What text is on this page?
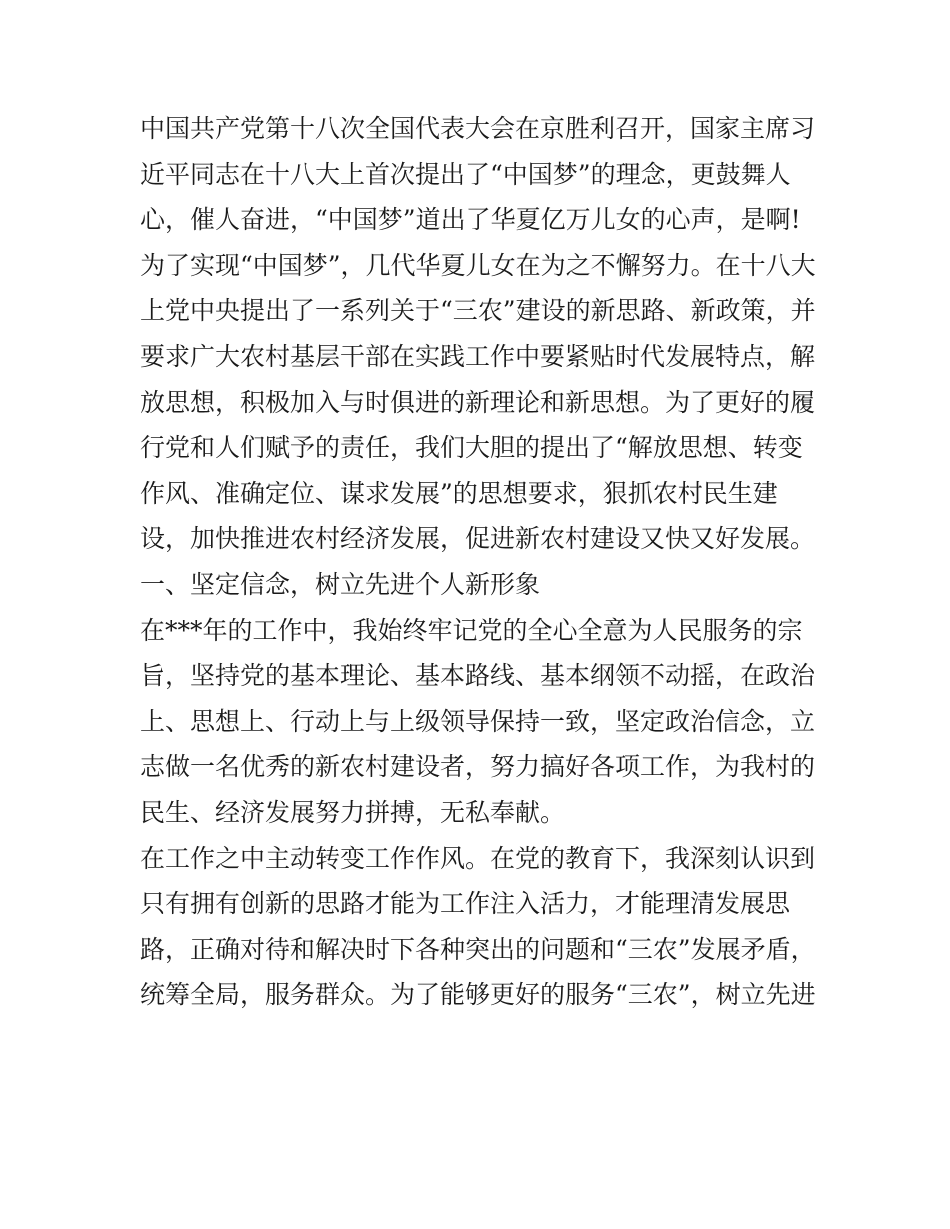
中国共产党第十八次全国代表大会在京胜利召开，国家主席习
近平同志在十八大上首次提出了“中国梦”的理念，更鼓舞人
心，催人奋进，“中国梦”道出了华夏亿万儿女的心声，是啊!
为了实现“中国梦”，几代华夏儿女在为之不懈努力。在十八大
上党中央提出了一系列关于“三农”建设的新思路、新政策，并
要求广大农村基层干部在实践工作中要紧贴时代发展特点，解
放思想，积极加入与时俱进的新理论和新思想。为了更好的履
行党和人们赋予的责任，我们大胆的提出了“解放思想、转变
作风、准确定位、谋求发展”的思想要求，狠抓农村民生建
设，加快推进农村经济发展，促进新农村建设又快又好发展。
一、坚定信念，树立先进个人新形象
在***年的工作中，我始终牢记党的全心全意为人民服务的宗
旨，坚持党的基本理论、基本路线、基本纲领不动摇，在政治
上、思想上、行动上与上级领导保持一致，坚定政治信念，立
志做一名优秀的新农村建设者，努力搞好各项工作，为我村的
民生、经济发展努力拼搏，无私奉献。
在工作之中主动转变工作作风。在党的教育下，我深刻认识到
只有拥有创新的思路才能为工作注入活力，才能理清发展思
路，正确对待和解决时下各种突出的问题和“三农”发展矛盾，
统筹全局，服务群众。为了能够更好的服务“三农”，树立先进
